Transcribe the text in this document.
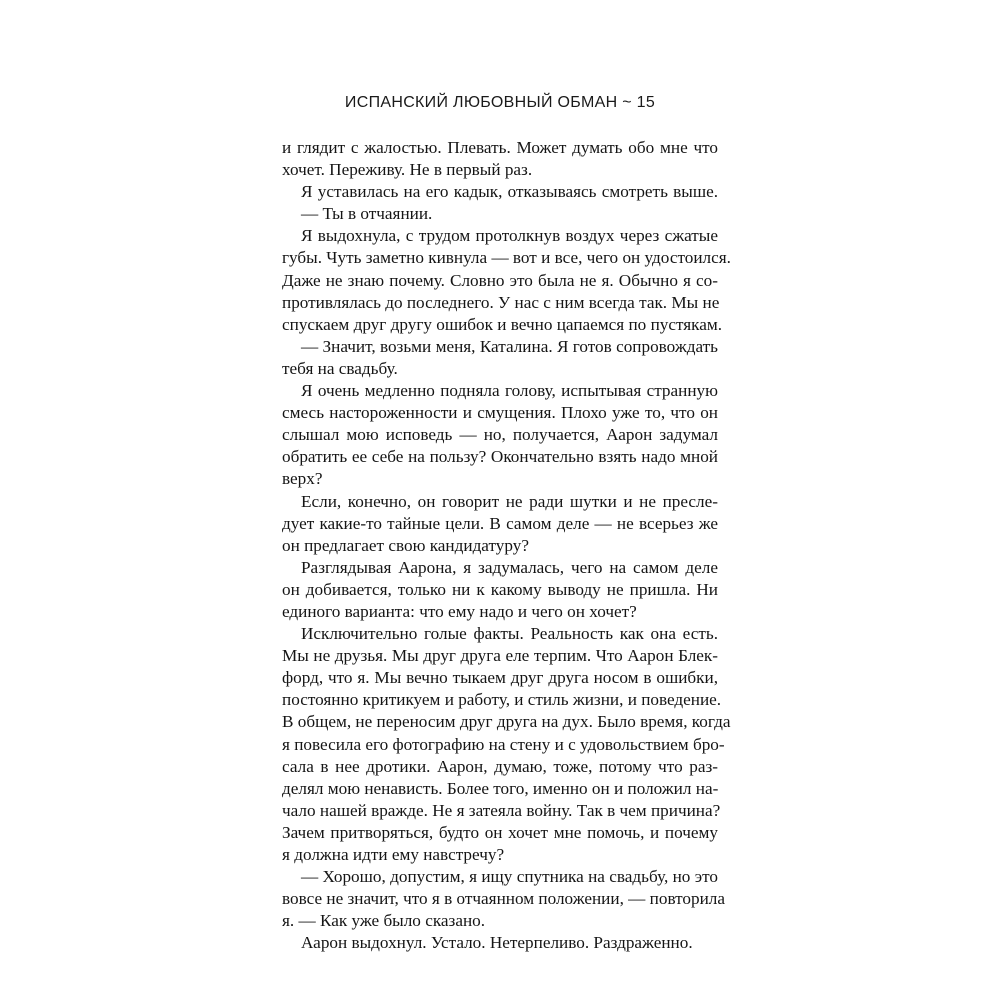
ИСПАНСКИЙ ЛЮБОВНЫЙ ОБМАН ~ 15
и глядит с жалостью. Плевать. Может думать обо мне что
хочет. Переживу. Не в первый раз.
Я уставилась на его кадык, отказываясь смотреть выше.
— Ты в отчаянии.
Я выдохнула, с трудом протолкнув воздух через сжатые
губы. Чуть заметно кивнула — вот и все, чего он удостоился.
Даже не знаю почему. Словно это была не я. Обычно я со-
противлялась до последнего. У нас с ним всегда так. Мы не
спускаем друг другу ошибок и вечно цапаемся по пустякам.
— Значит, возьми меня, Каталина. Я готов сопровождать
тебя на свадьбу.
Я очень медленно подняла голову, испытывая странную
смесь настороженности и смущения. Плохо уже то, что он
слышал мою исповедь — но, получается, Аарон задумал
обратить ее себе на пользу? Окончательно взять надо мной
верх?
Если, конечно, он говорит не ради шутки и не пресле-
дует какие-то тайные цели. В самом деле — не всерьез же
он предлагает свою кандидатуру?
Разглядывая Аарона, я задумалась, чего на самом деле
он добивается, только ни к какому выводу не пришла. Ни
единого варианта: что ему надо и чего он хочет?
Исключительно голые факты. Реальность как она есть.
Мы не друзья. Мы друг друга еле терпим. Что Аарон Блек-
форд, что я. Мы вечно тыкаем друг друга носом в ошибки,
постоянно критикуем и работу, и стиль жизни, и поведение.
В общем, не переносим друг друга на дух. Было время, когда
я повесила его фотографию на стену и с удовольствием бро-
сала в нее дротики. Аарон, думаю, тоже, потому что раз-
делял мою ненависть. Более того, именно он и положил на-
чало нашей вражде. Не я затеяла войну. Так в чем причина?
Зачем притворяться, будто он хочет мне помочь, и почему
я должна идти ему навстречу?
— Хорошо, допустим, я ищу спутника на свадьбу, но это
вовсе не значит, что я в отчаянном положении, — повторила
я. — Как уже было сказано.
Аарон выдохнул. Устало. Нетерпеливо. Раздраженно.
